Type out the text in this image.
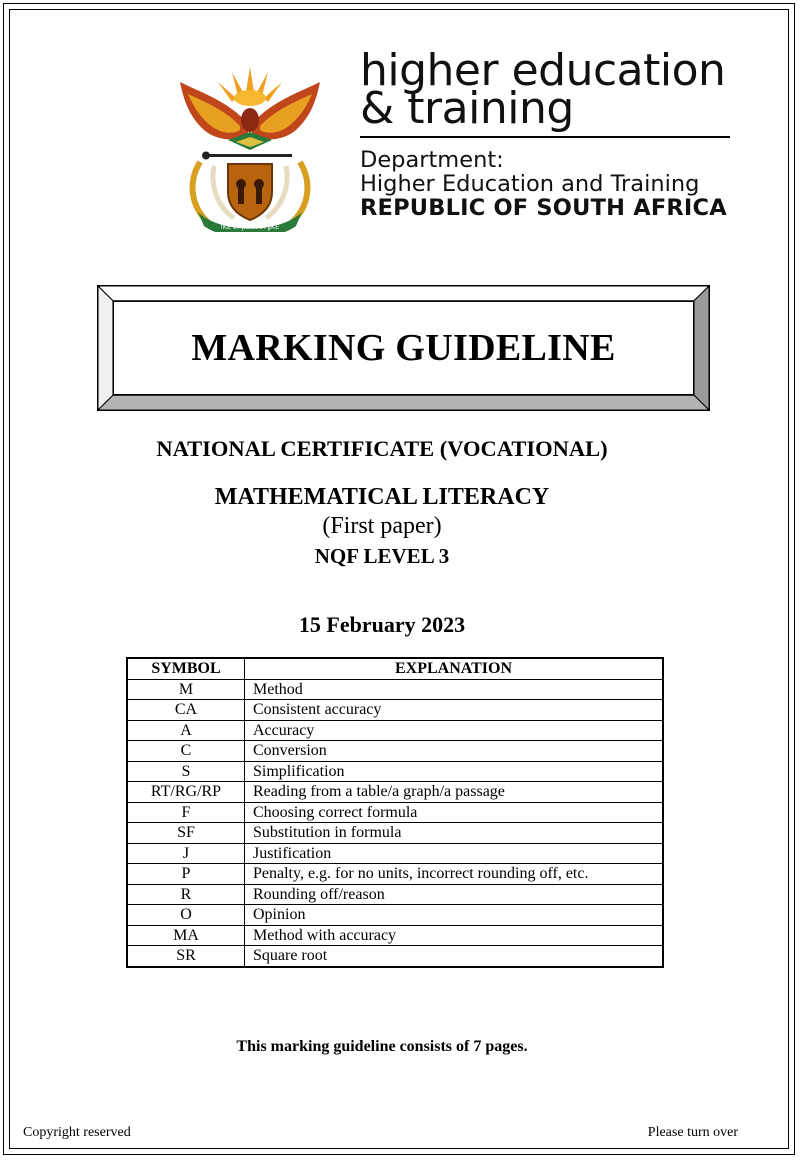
ǃKE E: ǀXARRA ǁKE
higher education
& training
Department:
Higher Education and Training
REPUBLIC OF SOUTH AFRICA
MARKING GUIDELINE
NATIONAL CERTIFICATE (VOCATIONAL)
MATHEMATICAL LITERACY
(First paper)
NQF LEVEL 3
15 February 2023
SYMBOL	EXPLANATION
M	Method
CA	Consistent accuracy
A	Accuracy
C	Conversion
S	Simplification
RT/RG/RP	Reading from a table/a graph/a passage
F	Choosing correct formula
SF	Substitution in formula
J	Justification
P	Penalty, e.g. for no units, incorrect rounding off, etc.
R	Rounding off/reason
O	Opinion
MA	Method with accuracy
SR	Square root
This marking guideline consists of 7 pages.
Copyright reserved	Please turn over
